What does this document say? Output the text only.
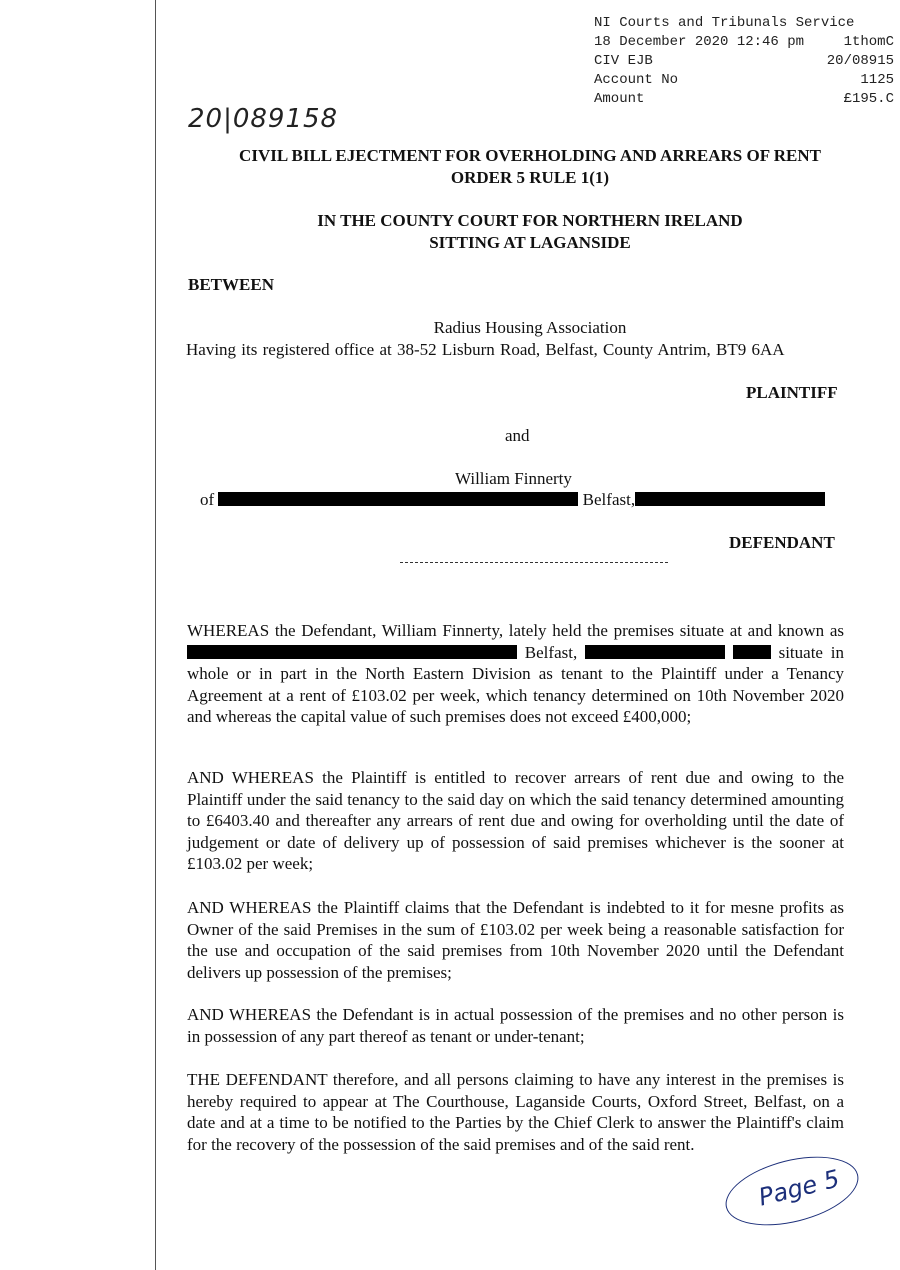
NI Courts and Tribunals Service
18 December 2020 12:46 pm	1thomC
CIV EJB	20/08915
Account No	1125
Amount	£195.C
20|089158
CIVIL BILL EJECTMENT FOR OVERHOLDING AND ARREARS OF RENT
ORDER 5 RULE 1(1)
IN THE COUNTY COURT FOR NORTHERN IRELAND
SITTING AT LAGANSIDE
BETWEEN
Radius Housing Association
Having its registered office at 38-52 Lisburn Road, Belfast, County Antrim, BT9 6AA
PLAINTIFF
and
William Finnerty
of	Belfast,
DEFENDANT

WHEREAS the Defendant, William Finnerty, lately held the premises situate at and known as  Belfast,	situate in whole or in part in the North Eastern Division as tenant to the Plaintiff under a Tenancy Agreement at a rent of £103.02 per week, which tenancy determined on 10th November 2020 and whereas the capital value of such premises does not exceed £400,000;

AND WHEREAS the Plaintiff is entitled to recover arrears of rent due and owing to the Plaintiff under the said tenancy to the said day on which the said tenancy determined amounting to £6403.40 and thereafter any arrears of rent due and owing for overholding until the date of judgement or date of delivery up of possession of said premises whichever is the sooner at £103.02 per week;

AND WHEREAS the Plaintiff claims that the Defendant is indebted to it for mesne profits as Owner of the said Premises in the sum of £103.02 per week being a reasonable satisfaction for the use and occupation of the said premises from 10th November 2020 until the Defendant delivers up possession of the premises;

AND WHEREAS the Defendant is in actual possession of the premises and no other person is in possession of any part thereof as tenant or under-tenant;

THE DEFENDANT therefore, and all persons claiming to have any interest in the premises is hereby required to appear at The Courthouse, Laganside Courts, Oxford Street, Belfast, on a date and at a time to be notified to the Parties by the Chief Clerk to answer the Plaintiff's claim for the recovery of the possession of the said premises and of the said rent.

Page 5
